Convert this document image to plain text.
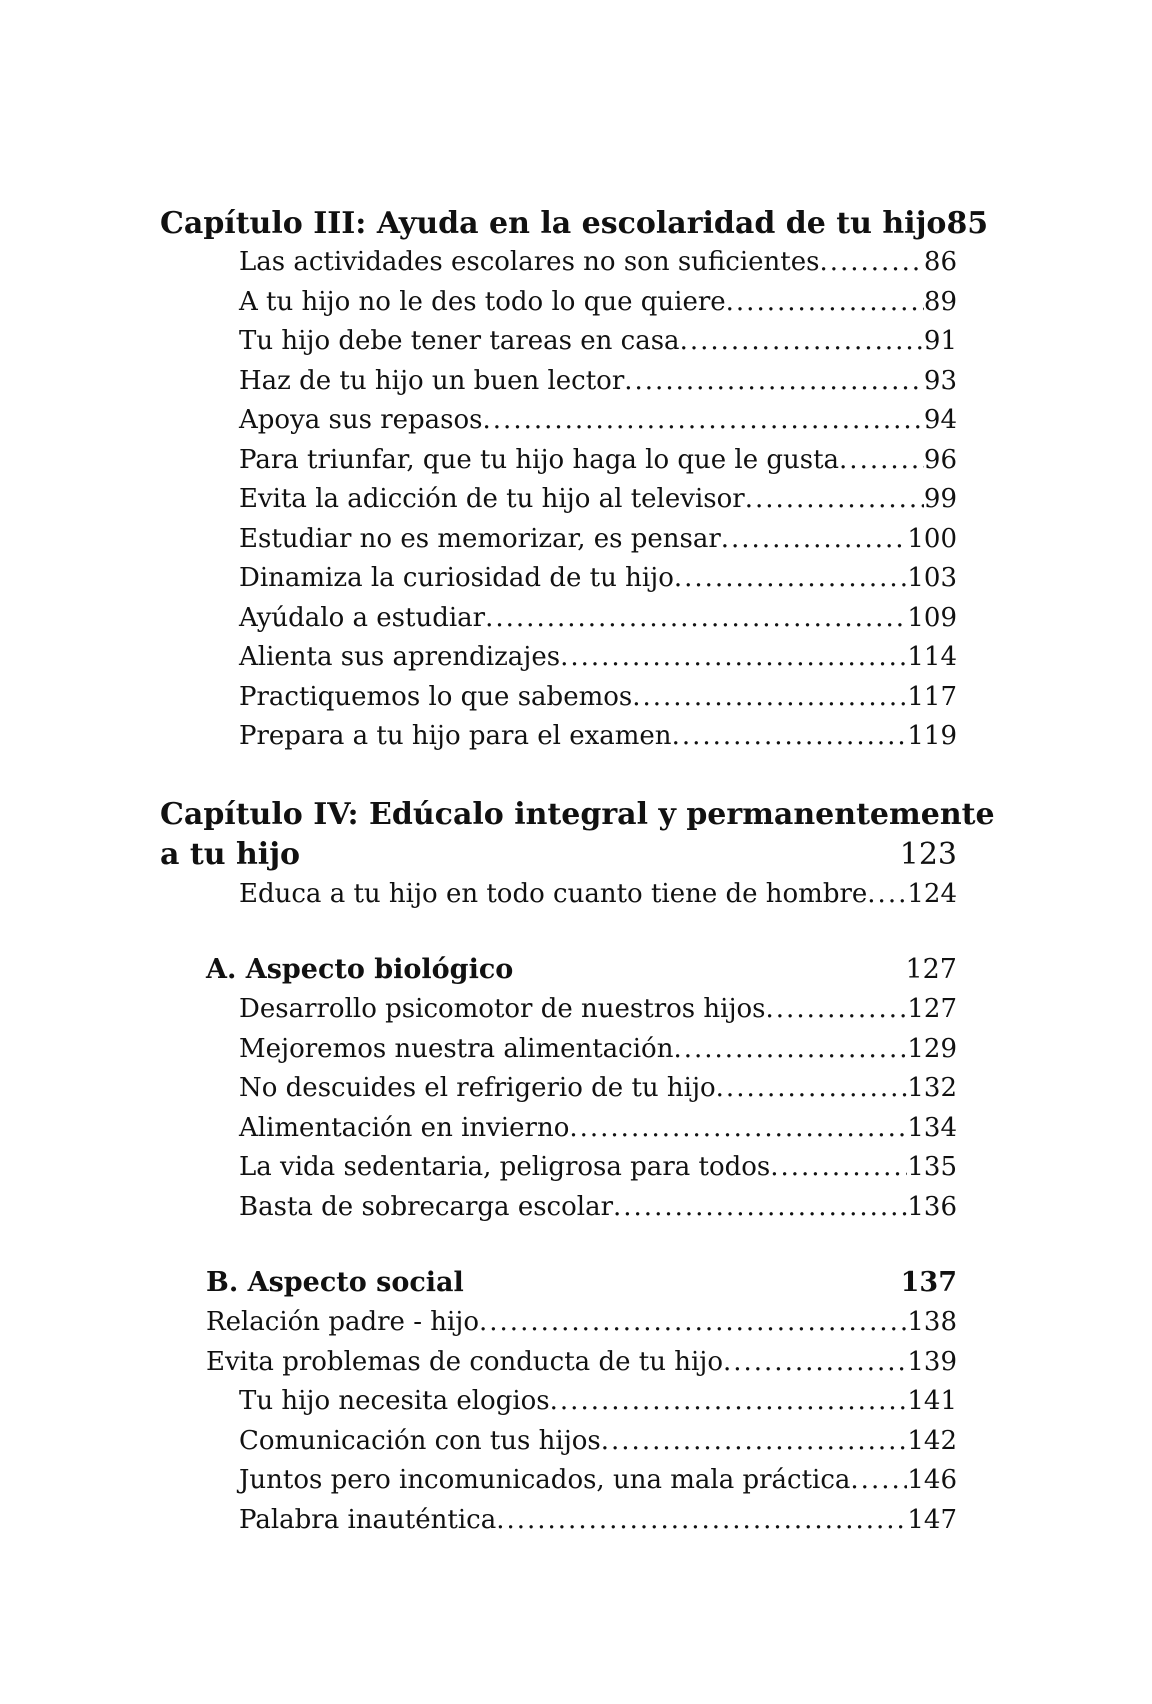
Capítulo III: Ayuda en la escolaridad de tu hijo 85
Las actividades escolares no son suficientes .....	86
A tu hijo no le des todo lo que quiere .....	89
Tu hijo debe tener tareas en casa .....	91
Haz de tu hijo un buen lector .....	93
Apoya sus repasos .....	94
Para triunfar, que tu hijo haga lo que le gusta .....	96
Evita la adicción de tu hijo al televisor .....	99
Estudiar no es memorizar, es pensar .....	100
Dinamiza la curiosidad de tu hijo .....	103
Ayúdalo a estudiar .....	109
Alienta sus aprendizajes .....	114
Practiquemos lo que sabemos .....	117
Prepara a tu hijo para el examen .....	119
Capítulo IV: Edúcalo integral y permanentemente
a tu hijo	123
Educa a tu hijo en todo cuanto tiene de hombre ..... 124
A. Aspecto biológico	127
Desarrollo psicomotor de nuestros hijos .....	127
Mejoremos nuestra alimentación .....	129
No descuides el refrigerio de tu hijo .....	132
Alimentación en invierno .....	134
La vida sedentaria, peligrosa para todos .....	135
Basta de sobrecarga escolar .....	136
B. Aspecto social	137
Relación padre - hijo .....	138
Evita problemas de conducta de tu hijo .....	139
Tu hijo necesita elogios .....	141
Comunicación con tus hijos .....	142
Juntos pero incomunicados, una mala práctica ..... 146
Palabra inauténtica .....	147
